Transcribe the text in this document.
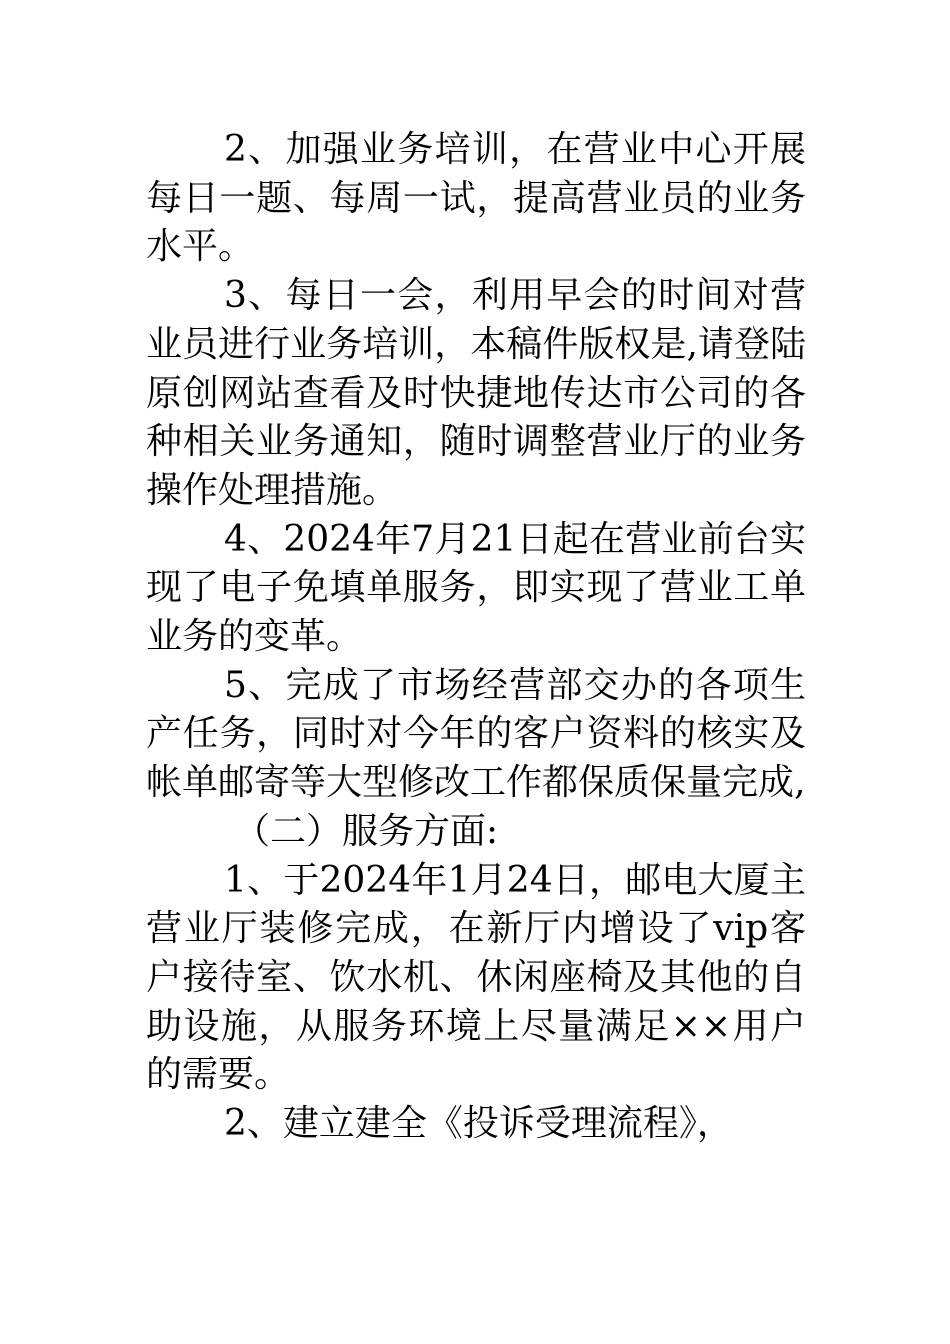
2、加强业务培训，在营业中心开展每日一题、每周一试，提高营业员的业务水平。

3、每日一会，利用早会的时间对营业员进行业务培训，本稿件版权是,请登陆原创网站查看及时快捷地传达市公司的各种相关业务通知，随时调整营业厅的业务操作处理措施。

4、2024年7月21日起在营业前台实现了电子免填单服务，即实现了营业工单业务的变革。

5、完成了市场经营部交办的各项生产任务，同时对今年的客户资料的核实及帐单邮寄等大型修改工作都保质保量完成,

（二）服务方面:

1、于2024年1月24日，邮电大厦主营业厅装修完成，在新厅内增设了vip客户接待室、饮水机、休闲座椅及其他的自助设施，从服务环境上尽量满足××用户的需要。

2、建立建全《投诉受理流程》，
